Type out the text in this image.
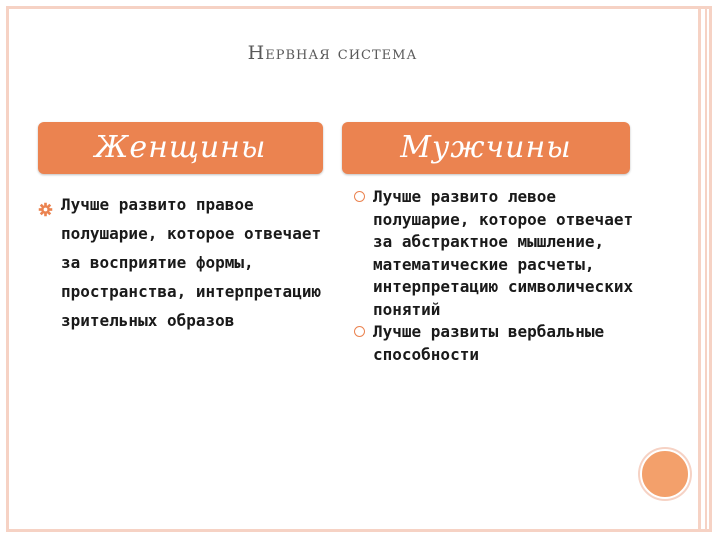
Нервная система
Женщины	Мужчины
Лучше развито правое полушарие, которое отвечает за восприятие формы, пространства, интерпретацию зрительных образов
Лучше развито левое полушарие, которое отвечает за абстрактное мышление, математические расчеты, интерпретацию символических понятий
Лучше развиты вербальные способности
